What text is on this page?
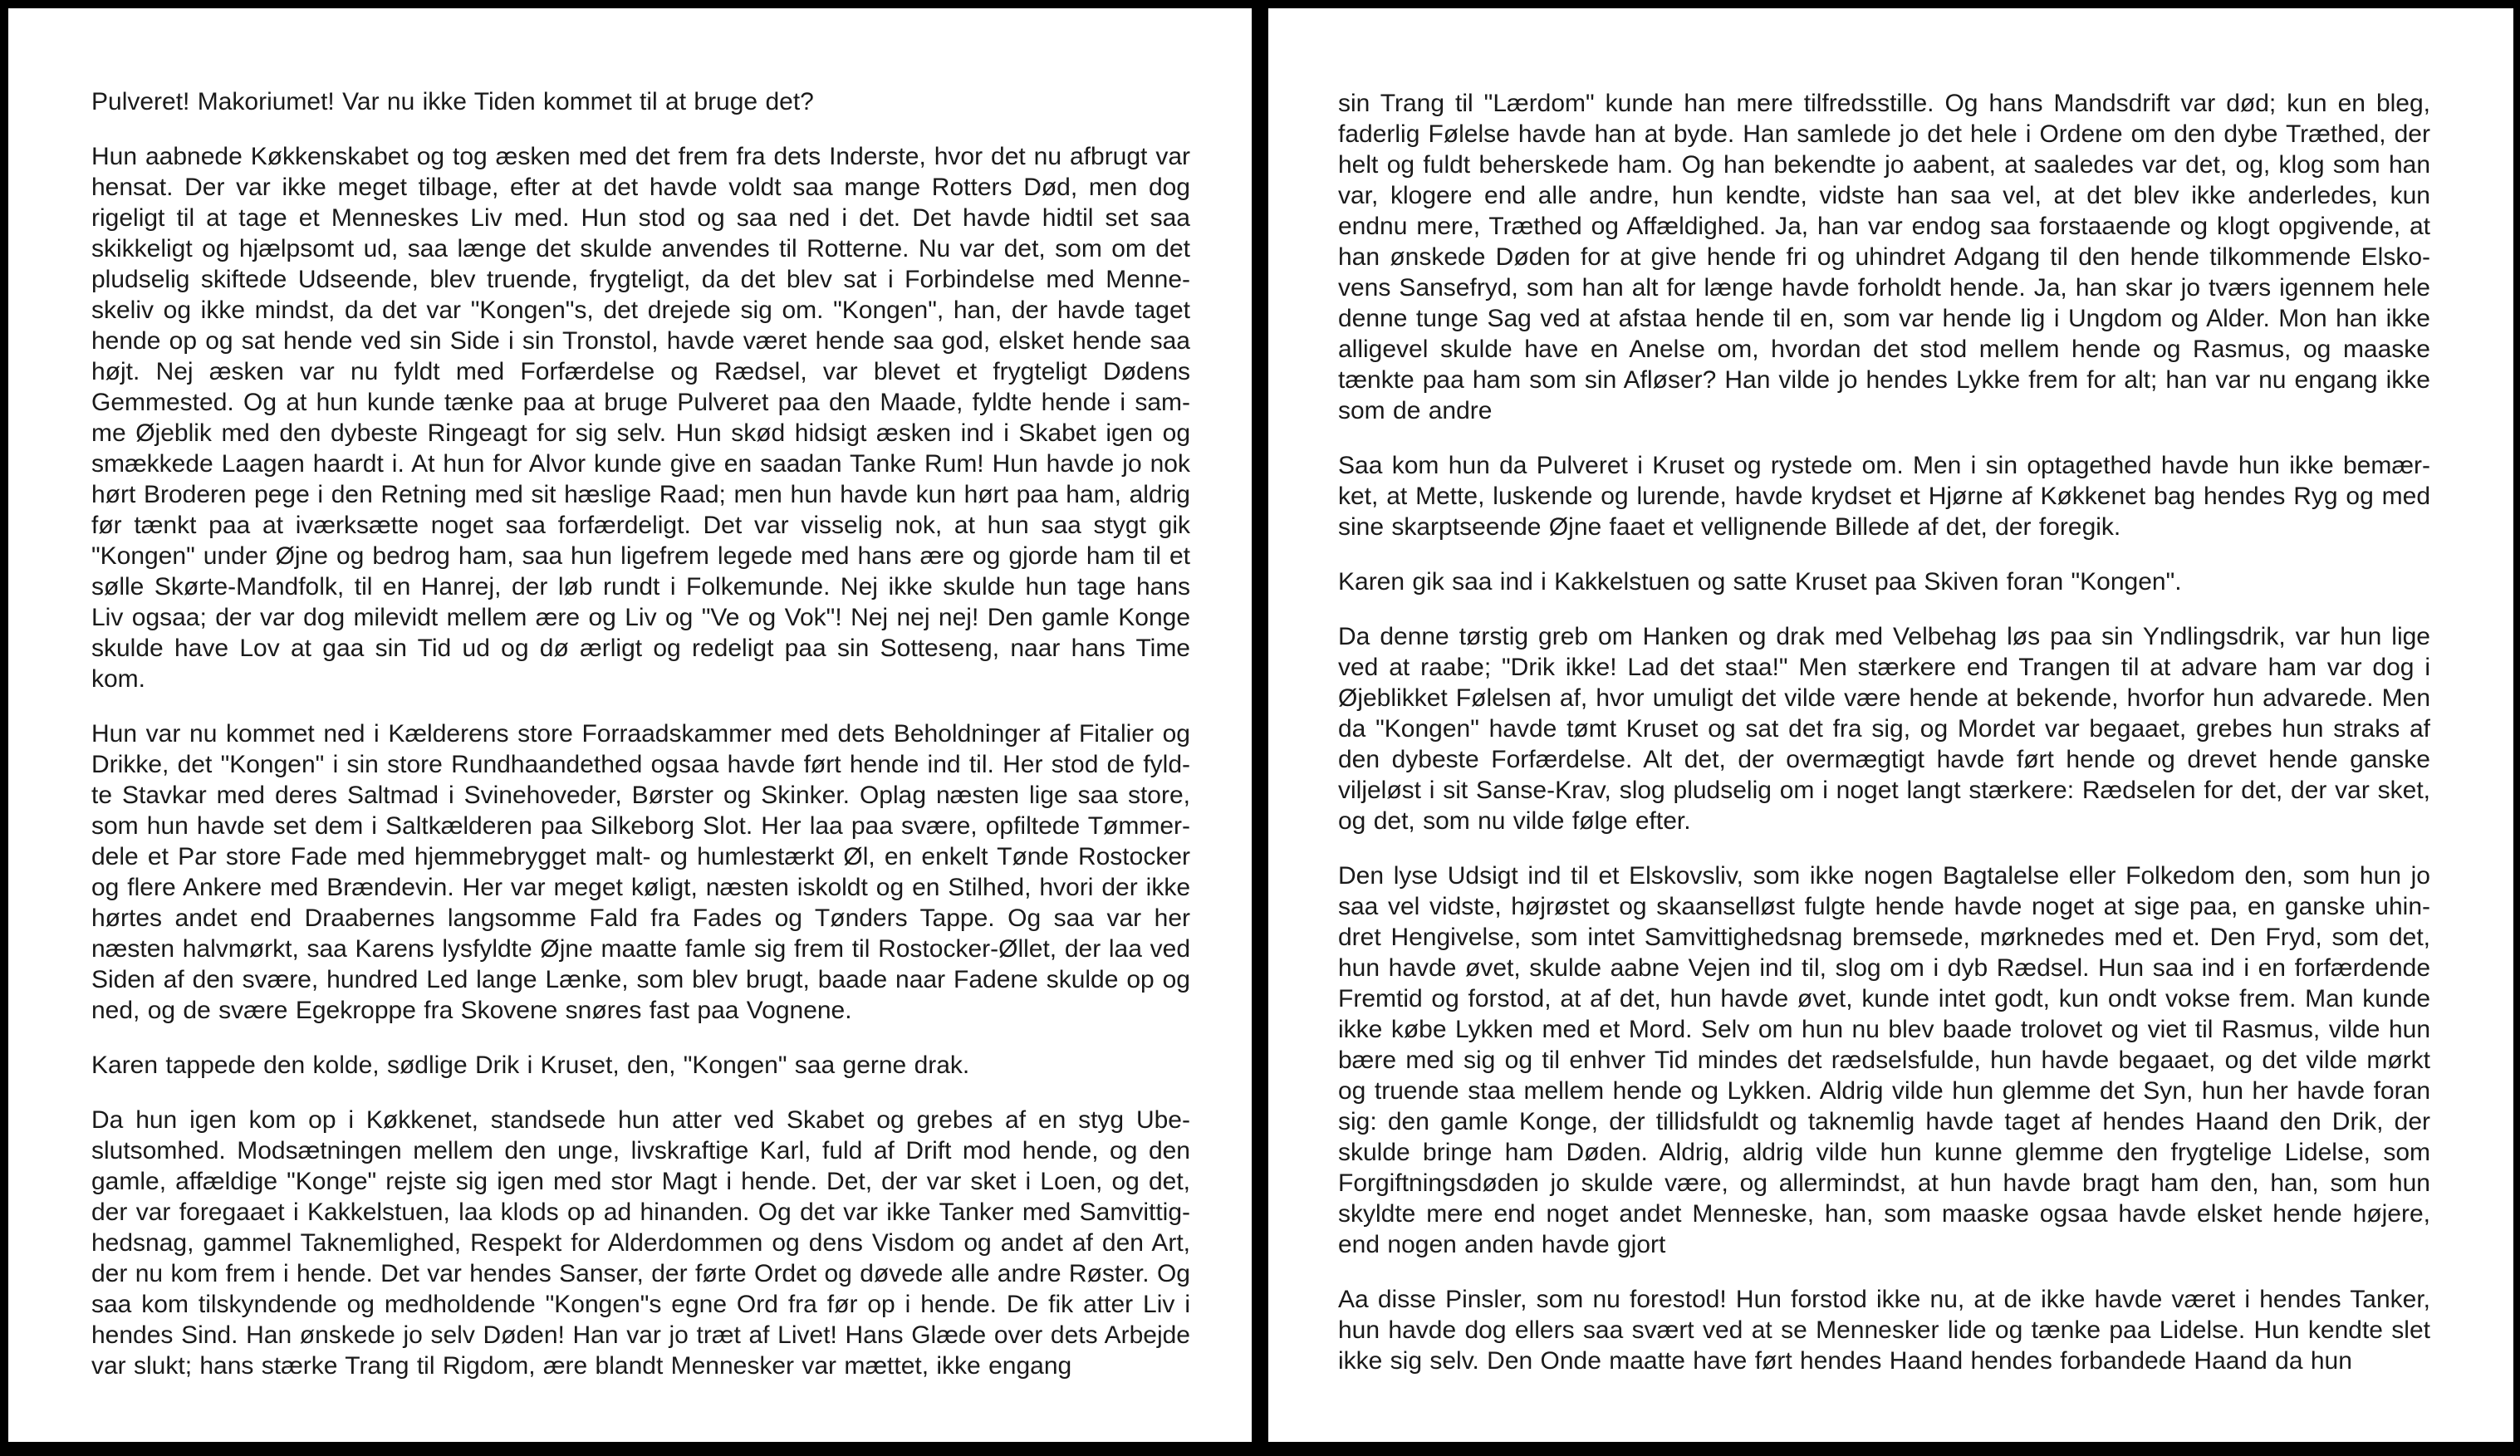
Pulveret! Makoriumet! Var nu ikke Tiden kommet til at bruge det?

Hun aabnede Køkkenskabet og tog æsken med det frem fra dets Inderste, hvor det nu afbrugt var hensat. Der var ikke meget tilbage, efter at det havde voldt saa mange Rotters Død, men dog rigeligt til at tage et Menneskes Liv med. Hun stod og saa ned i det. Det havde hidtil set saa skikkeligt og hjælpsomt ud, saa længe det skulde anvendes til Rotterne. Nu var det, som om det pludselig skiftede Udseende, blev truende, frygteligt, da det blev sat i Forbindelse med Menne-skeliv og ikke mindst, da det var "Kongen"s, det drejede sig om. "Kongen", han, der havde taget hende op og sat hende ved sin Side i sin Tronstol, havde været hende saa god, elsket hende saa højt. Nej æsken var nu fyldt med Forfærdelse og Rædsel, var blevet et frygteligt Dødens Gemmested. Og at hun kunde tænke paa at bruge Pulveret paa den Maade, fyldte hende i sam-me Øjeblik med den dybeste Ringeagt for sig selv. Hun skød hidsigt æsken ind i Skabet igen og smækkede Laagen haardt i. At hun for Alvor kunde give en saadan Tanke Rum! Hun havde jo nok hørt Broderen pege i den Retning med sit hæslige Raad; men hun havde kun hørt paa ham, aldrig før tænkt paa at iværksætte noget saa forfærdeligt. Det var visselig nok, at hun saa stygt gik "Kongen" under Øjne og bedrog ham, saa hun ligefrem legede med hans ære og gjorde ham til et sølle Skørte-Mandfolk, til en Hanrej, der løb rundt i Folkemunde. Nej ikke skulde hun tage hans Liv ogsaa; der var dog milevidt mellem ære og Liv og "Ve og Vok"! Nej nej nej! Den gamle Konge skulde have Lov at gaa sin Tid ud og dø ærligt og redeligt paa sin Sotteseng, naar hans Time kom.

Hun var nu kommet ned i Kælderens store Forraadskammer med dets Beholdninger af Fitalier og Drikke, det "Kongen" i sin store Rundhaandethed ogsaa havde ført hende ind til. Her stod de fyld-te Stavkar med deres Saltmad i Svinehoveder, Børster og Skinker. Oplag næsten lige saa store, som hun havde set dem i Saltkælderen paa Silkeborg Slot. Her laa paa svære, opfiltede Tømmer-dele et Par store Fade med hjemmebrygget malt- og humlestærkt Øl, en enkelt Tønde Rostocker og flere Ankere med Brændevin. Her var meget køligt, næsten iskoldt og en Stilhed, hvori der ikke hørtes andet end Draabernes langsomme Fald fra Fades og Tønders Tappe. Og saa var her næsten halvmørkt, saa Karens lysfyldte Øjne maatte famle sig frem til Rostocker-Øllet, der laa ved Siden af den svære, hundred Led lange Lænke, som blev brugt, baade naar Fadene skulde op og ned, og de svære Egekroppe fra Skovene snøres fast paa Vognene.

Karen tappede den kolde, sødlige Drik i Kruset, den, "Kongen" saa gerne drak.

Da hun igen kom op i Køkkenet, standsede hun atter ved Skabet og grebes af en styg Ube-slutsomhed. Modsætningen mellem den unge, livskraftige Karl, fuld af Drift mod hende, og den gamle, affældige "Konge" rejste sig igen med stor Magt i hende. Det, der var sket i Loen, og det, der var foregaaet i Kakkelstuen, laa klods op ad hinanden. Og det var ikke Tanker med Samvittig-hedsnag, gammel Taknemlighed, Respekt for Alderdommen og dens Visdom og andet af den Art, der nu kom frem i hende. Det var hendes Sanser, der førte Ordet og døvede alle andre Røster. Og saa kom tilskyndende og medholdende "Kongen"s egne Ord fra før op i hende. De fik atter Liv i hendes Sind. Han ønskede jo selv Døden! Han var jo træt af Livet! Hans Glæde over dets Arbejde var slukt; hans stærke Trang til Rigdom, ære blandt Mennesker var mættet, ikke engang

sin Trang til "Lærdom" kunde han mere tilfredsstille. Og hans Mandsdrift var død; kun en bleg, faderlig Følelse havde han at byde. Han samlede jo det hele i Ordene om den dybe Træthed, der helt og fuldt beherskede ham. Og han bekendte jo aabent, at saaledes var det, og, klog som han var, klogere end alle andre, hun kendte, vidste han saa vel, at det blev ikke anderledes, kun endnu mere, Træthed og Affældighed. Ja, han var endog saa forstaaende og klogt opgivende, at han ønskede Døden for at give hende fri og uhindret Adgang til den hende tilkommende Elsko-vens Sansefryd, som han alt for længe havde forholdt hende. Ja, han skar jo tværs igennem hele denne tunge Sag ved at afstaa hende til en, som var hende lig i Ungdom og Alder. Mon han ikke alligevel skulde have en Anelse om, hvordan det stod mellem hende og Rasmus, og maaske tænkte paa ham som sin Afløser? Han vilde jo hendes Lykke frem for alt; han var nu engang ikke som de andre

Saa kom hun da Pulveret i Kruset og rystede om. Men i sin optagethed havde hun ikke bemær-ket, at Mette, luskende og lurende, havde krydset et Hjørne af Køkkenet bag hendes Ryg og med sine skarptseende Øjne faaet et vellignende Billede af det, der foregik.

Karen gik saa ind i Kakkelstuen og satte Kruset paa Skiven foran "Kongen".

Da denne tørstig greb om Hanken og drak med Velbehag løs paa sin Yndlingsdrik, var hun lige ved at raabe; "Drik ikke! Lad det staa!" Men stærkere end Trangen til at advare ham var dog i Øjeblikket Følelsen af, hvor umuligt det vilde være hende at bekende, hvorfor hun advarede. Men da "Kongen" havde tømt Kruset og sat det fra sig, og Mordet var begaaet, grebes hun straks af den dybeste Forfærdelse. Alt det, der overmægtigt havde ført hende og drevet hende ganske viljeløst i sit Sanse-Krav, slog pludselig om i noget langt stærkere: Rædselen for det, der var sket, og det, som nu vilde følge efter.

Den lyse Udsigt ind til et Elskovsliv, som ikke nogen Bagtalelse eller Folkedom den, som hun jo saa vel vidste, højrøstet og skaanselløst fulgte hende havde noget at sige paa, en ganske uhin-dret Hengivelse, som intet Samvittighedsnag bremsede, mørknedes med et. Den Fryd, som det, hun havde øvet, skulde aabne Vejen ind til, slog om i dyb Rædsel. Hun saa ind i en forfærdende Fremtid og forstod, at af det, hun havde øvet, kunde intet godt, kun ondt vokse frem. Man kunde ikke købe Lykken med et Mord. Selv om hun nu blev baade trolovet og viet til Rasmus, vilde hun bære med sig og til enhver Tid mindes det rædselsfulde, hun havde begaaet, og det vilde mørkt og truende staa mellem hende og Lykken. Aldrig vilde hun glemme det Syn, hun her havde foran sig: den gamle Konge, der tillidsfuldt og taknemlig havde taget af hendes Haand den Drik, der skulde bringe ham Døden. Aldrig, aldrig vilde hun kunne glemme den frygtelige Lidelse, som Forgiftningsdøden jo skulde være, og allermindst, at hun havde bragt ham den, han, som hun skyldte mere end noget andet Menneske, han, som maaske ogsaa havde elsket hende højere, end nogen anden havde gjort

Aa disse Pinsler, som nu forestod! Hun forstod ikke nu, at de ikke havde været i hendes Tanker, hun havde dog ellers saa svært ved at se Mennesker lide og tænke paa Lidelse. Hun kendte slet ikke sig selv. Den Onde maatte have ført hendes Haand hendes forbandede Haand da hun
